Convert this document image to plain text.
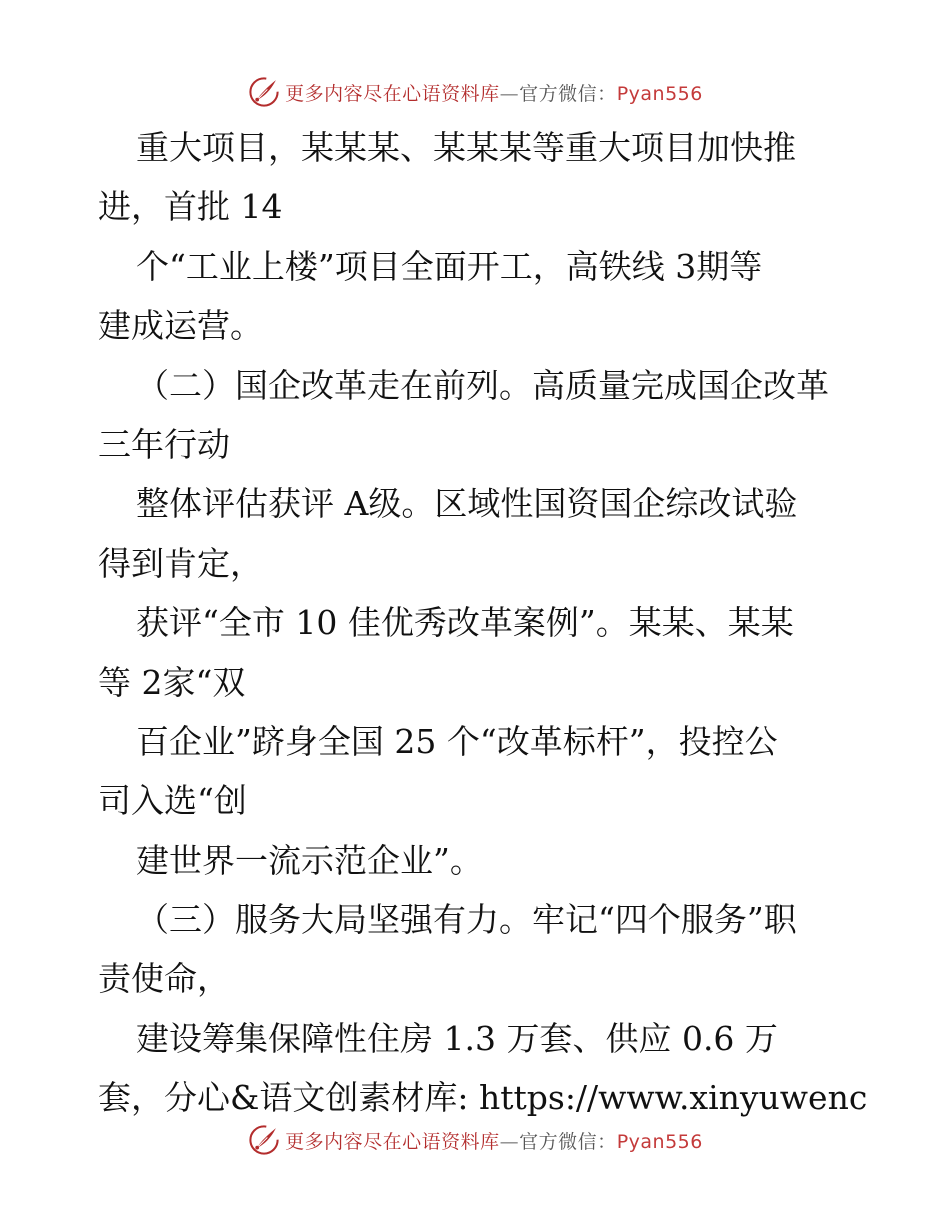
更多内容尽在心语资料库—官方微信：Pyan556
重大项目，某某某、某某某等重大项目加快推
进，首批 14
个“工业上楼”项目全面开工，高铁线 3期等
建成运营。
（二）国企改革走在前列。高质量完成国企改革
三年行动
整体评估获评 A级。区域性国资国企综改试验
得到肯定，
获评“全市 10 佳优秀改革案例”。某某、某某
等 2家“双
百企业”跻身全国 25 个“改革标杆”，投控公
司入选“创
建世界一流示范企业”。
（三）服务大局坚强有力。牢记“四个服务”职
责使命，
建设筹集保障性住房 1.3 万套、供应 0.6 万
套，分心&语文创素材库: https://www.xinyuwenc
更多内容尽在心语资料库—官方微信：Pyan556
